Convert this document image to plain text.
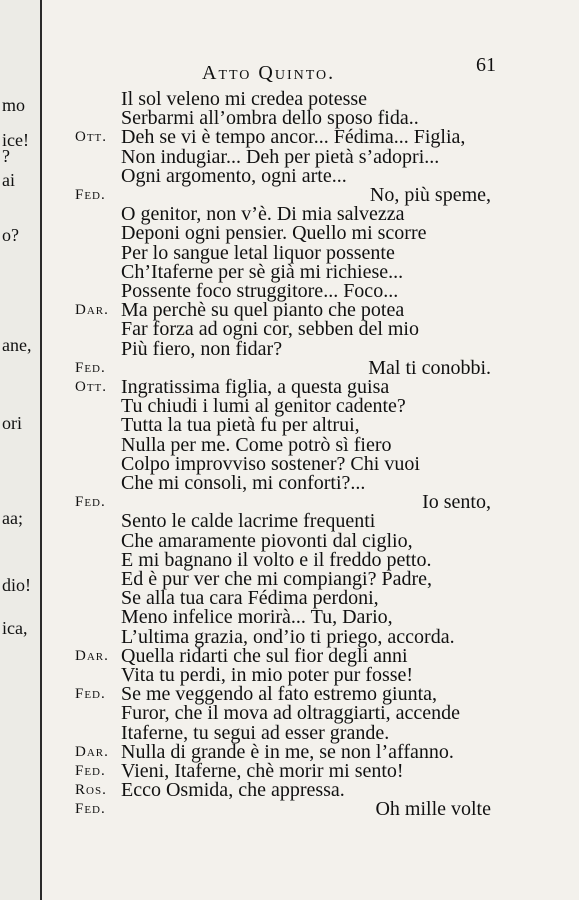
mo
ice!
?
ai
o?
ane,
ori
aa;
dio!
ica,
Atto Quinto.	61
Il sol veleno mi credea potesse
Serbarmi all’ombra dello sposo fida..
Ott. Deh se vi è tempo ancor... Fédima... Figlia,
Non indugiar... Deh per pietà s’adopri...
Ogni argomento, ogni arte...
Fed.	No, più speme,
O genitor, non v’è. Di mia salvezza
Deponi ogni pensier. Quello mi scorre
Per lo sangue letal liquor possente
Ch’Itaferne per sè già mi richiese...
Possente foco struggitore... Foco...
Dar. Ma perchè su quel pianto che potea
Far forza ad ogni cor, sebben del mio
Più fiero, non fidar?
Fed.	Mal ti conobbi.
Ott. Ingratissima figlia, a questa guisa
Tu chiudi i lumi al genitor cadente?
Tutta la tua pietà fu per altrui,
Nulla per me. Come potrò sì fiero
Colpo improvviso sostener? Chi vuoi
Che mi consoli, mi conforti?...
Fed.	Io sento,
Sento le calde lacrime frequenti
Che amaramente piovonti dal ciglio,
E mi bagnano il volto e il freddo petto.
Ed è pur ver che mi compiangi? Padre,
Se alla tua cara Fédima perdoni,
Meno infelice morirà... Tu, Dario,
L’ultima grazia, ond’io ti priego, accorda.
Dar. Quella ridarti che sul fior degli anni
Vita tu perdi, in mio poter pur fosse!
Fed. Se me veggendo al fato estremo giunta,
Furor, che il mova ad oltraggiarti, accende
Itaferne, tu segui ad esser grande.
Dar. Nulla di grande è in me, se non l’affanno.
Fed. Vieni, Itaferne, chè morir mi sento!
Ros. Ecco Osmida, che appressa.
Fed.	Oh mille volte
